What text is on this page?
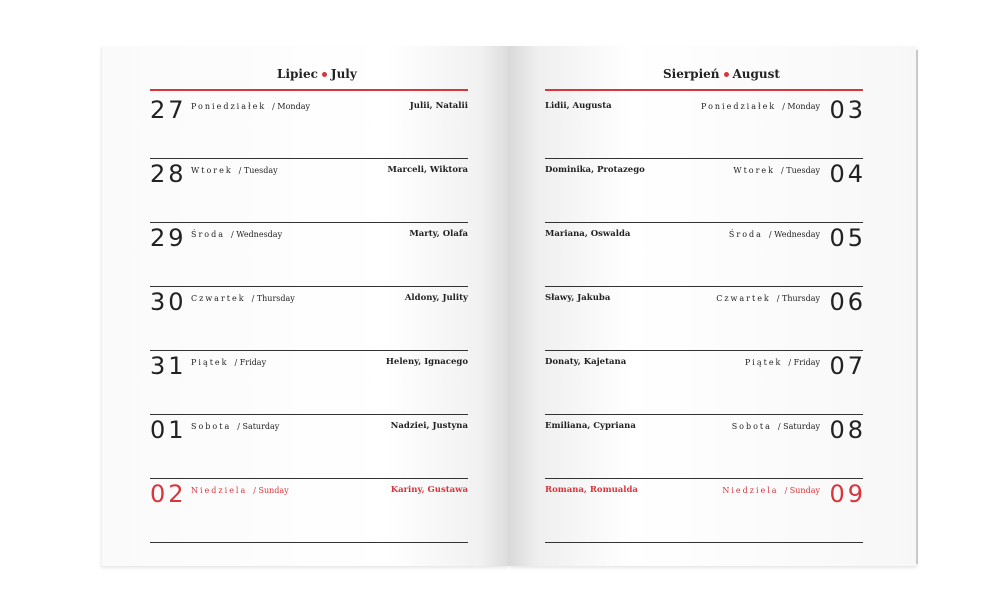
Lipiec July
27 Poniedziałek / Monday	Julii, Natalii
28 Wtorek / Tuesday	Marceli, Wiktora
29 Środa / Wednesday	Marty, Olafa
30 Czwartek / Thursday	Aldony, Julity
31 Piątek / Friday	Heleny, Ignacego
01 Sobota / Saturday	Nadziei, Justyna
02 Niedziela / Sunday	Kariny, Gustawa
Sierpień August
Lidii, Augusta	Poniedziałek / Monday 03
Dominika, Protazego	Wtorek / Tuesday 04
Mariana, Oswalda	Środa / Wednesday 05
Sławy, Jakuba	Czwartek / Thursday 06
Donaty, Kajetana	Piątek / Friday 07
Emiliana, Cypriana	Sobota / Saturday 08
Romana, Romualda	Niedziela / Sunday 09
